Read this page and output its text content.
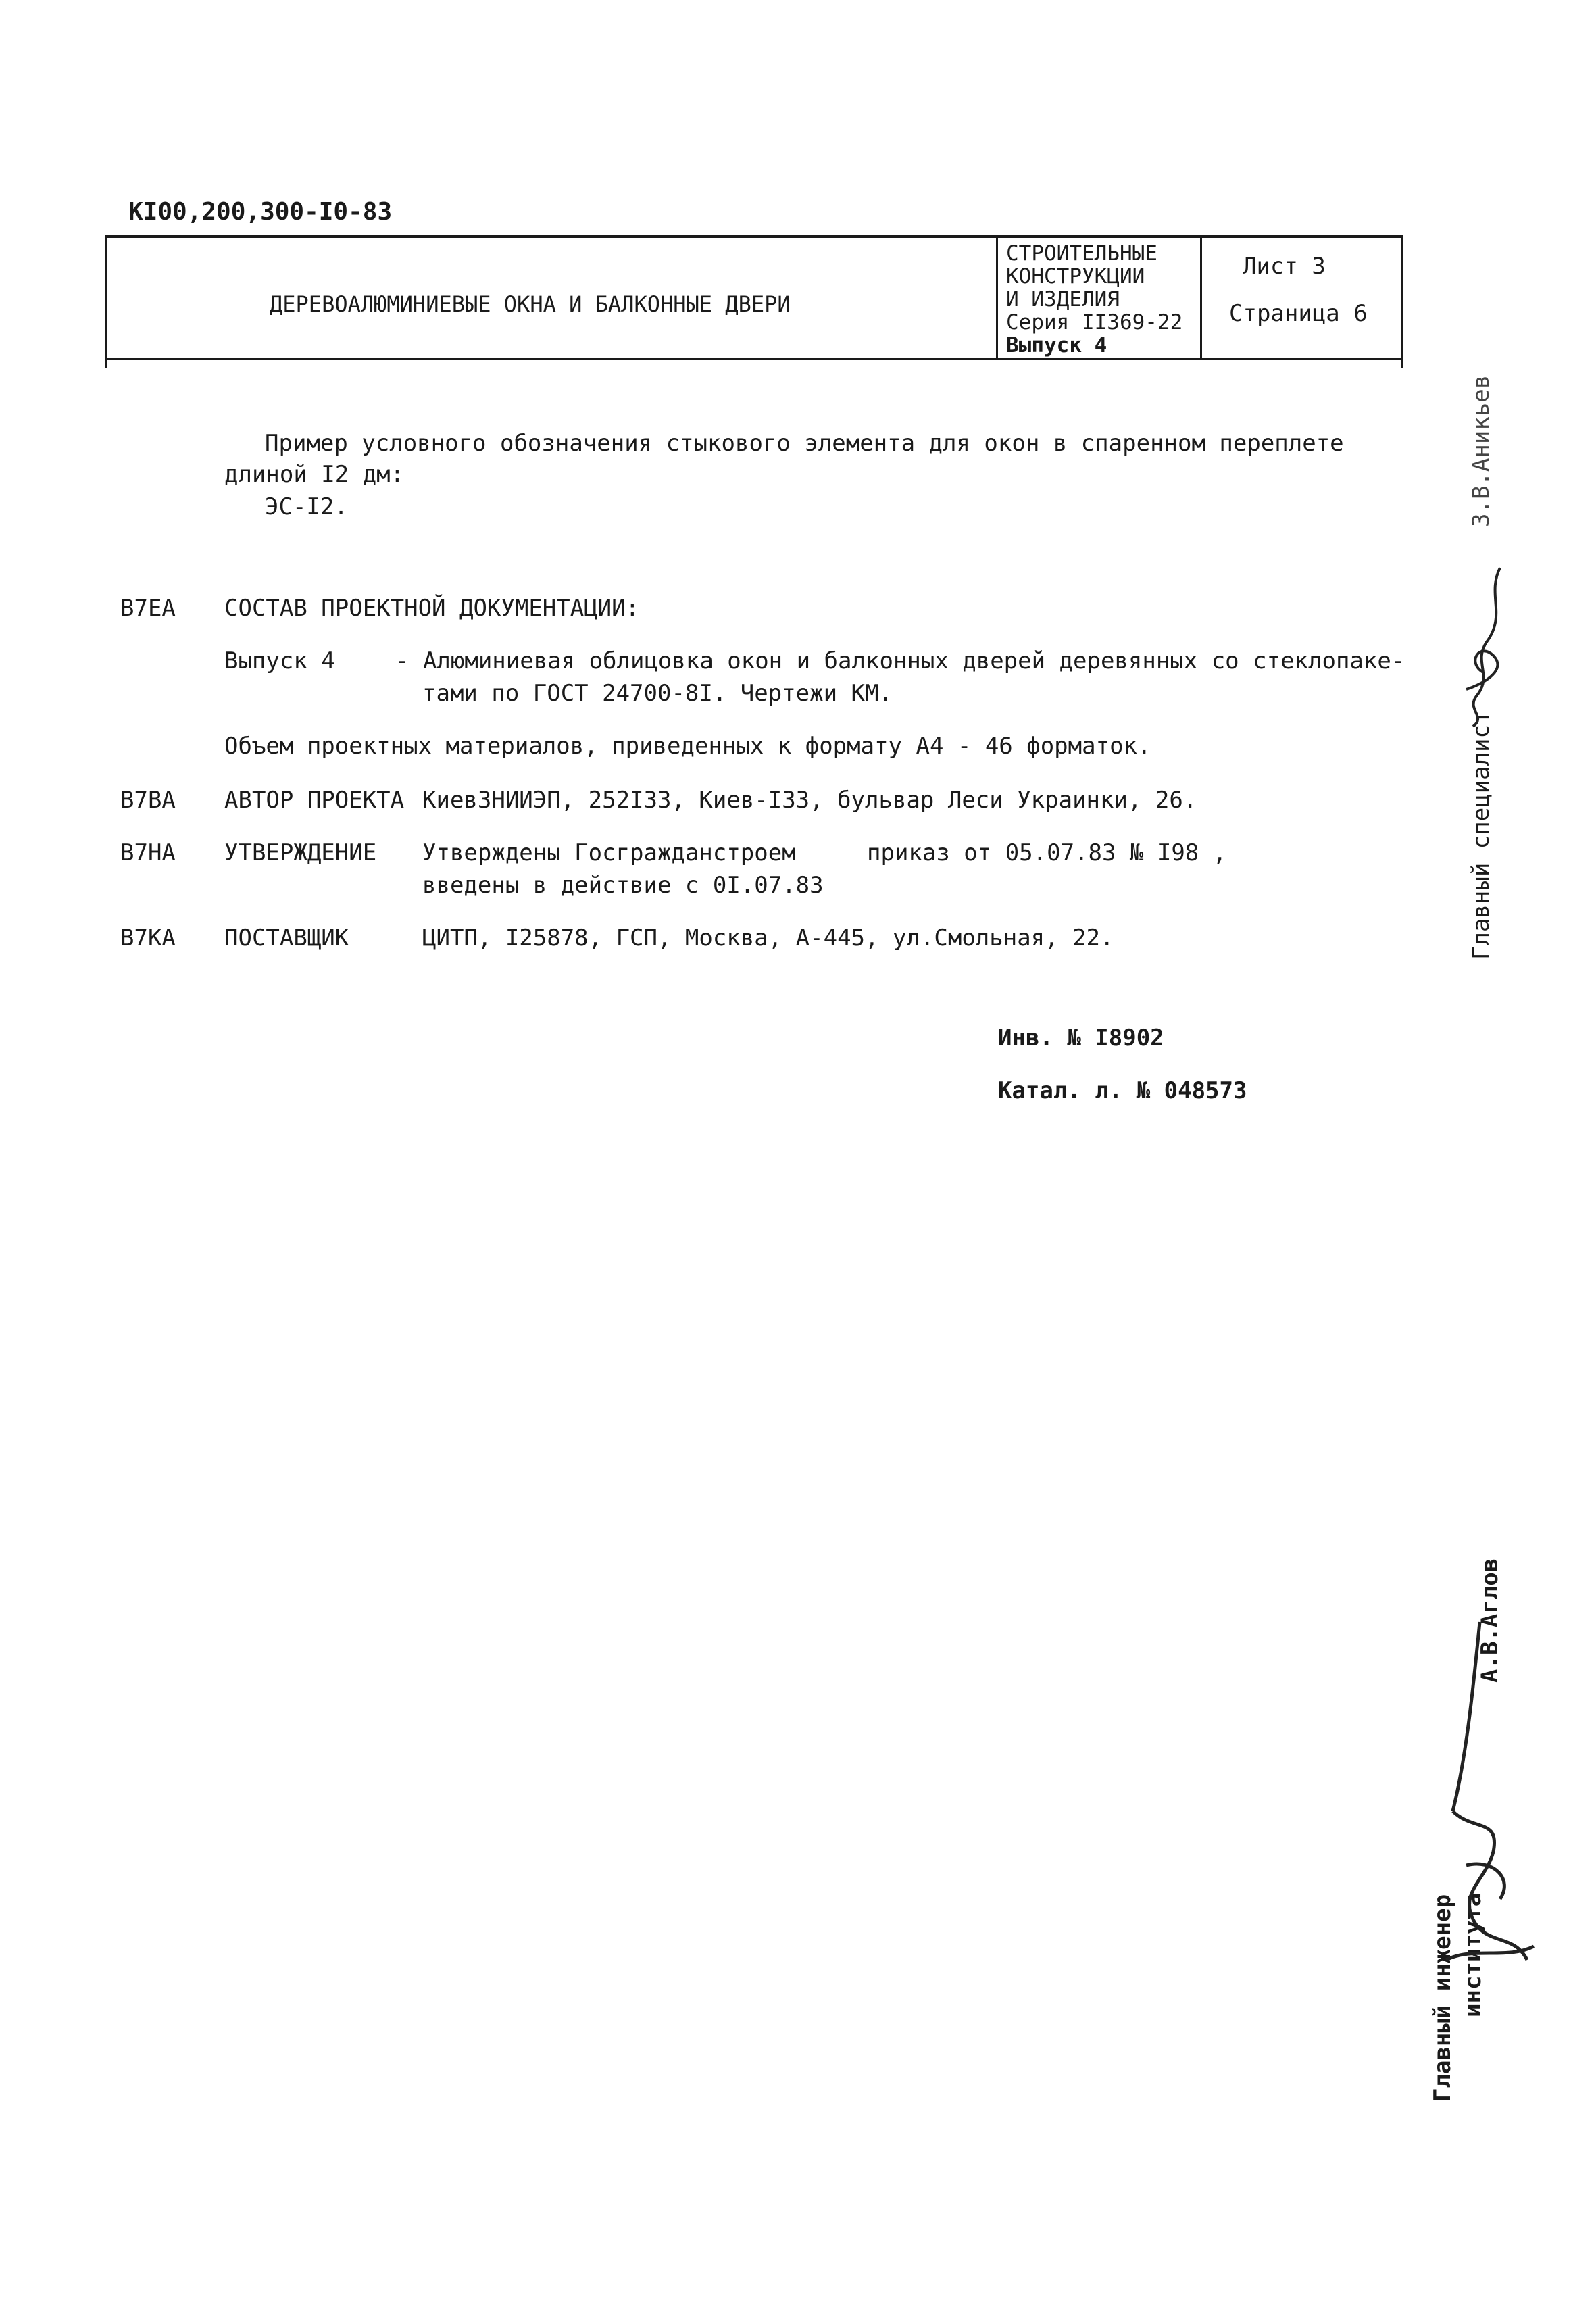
КI00,200,300-I0-83
ДЕРЕВОАЛЮМИНИЕВЫЕ ОКНА И БАЛКОННЫЕ ДВЕРИ
СТРОИТЕЛЬНЫЕ
КОНСТРУКЦИИ
И ИЗДЕЛИЯ
Серия II369-22
Выпуск 4
Лист 3
Страница 6
Пример условного обозначения стыкового элемента для окон в спаренном переплете
длиной I2 дм:
ЭС-I2.
В7ЕА СОСТАВ ПРОЕКТНОЙ ДОКУМЕНТАЦИИ:
Выпуск 4	- Алюминиевая облицовка окон и балконных дверей деревянных со стеклопаке-
тами по ГОСТ 24700-8I. Чертежи КМ.
Объем проектных материалов, приведенных к формату А4 - 46 форматок.
В7ВА АВТОР ПРОЕКТА КиевЗНИИЭП, 252I33, Киев-I33, бульвар Леси Украинки, 26.
В7НА УТВЕРЖДЕНИЕ Утверждены Госгражданстроем	приказ от 05.07.83 № I98 ,
введены в действие с 0I.07.83
В7КА ПОСТАВЩИК	ЦИТП, I25878, ГСП, Москва, А-445, ул.Смольная, 22.
Инв. № I8902
Катал. л. № 048573
Главный специалист
З.В.Аникьев
Главный инженер института
А.В.Аглов
